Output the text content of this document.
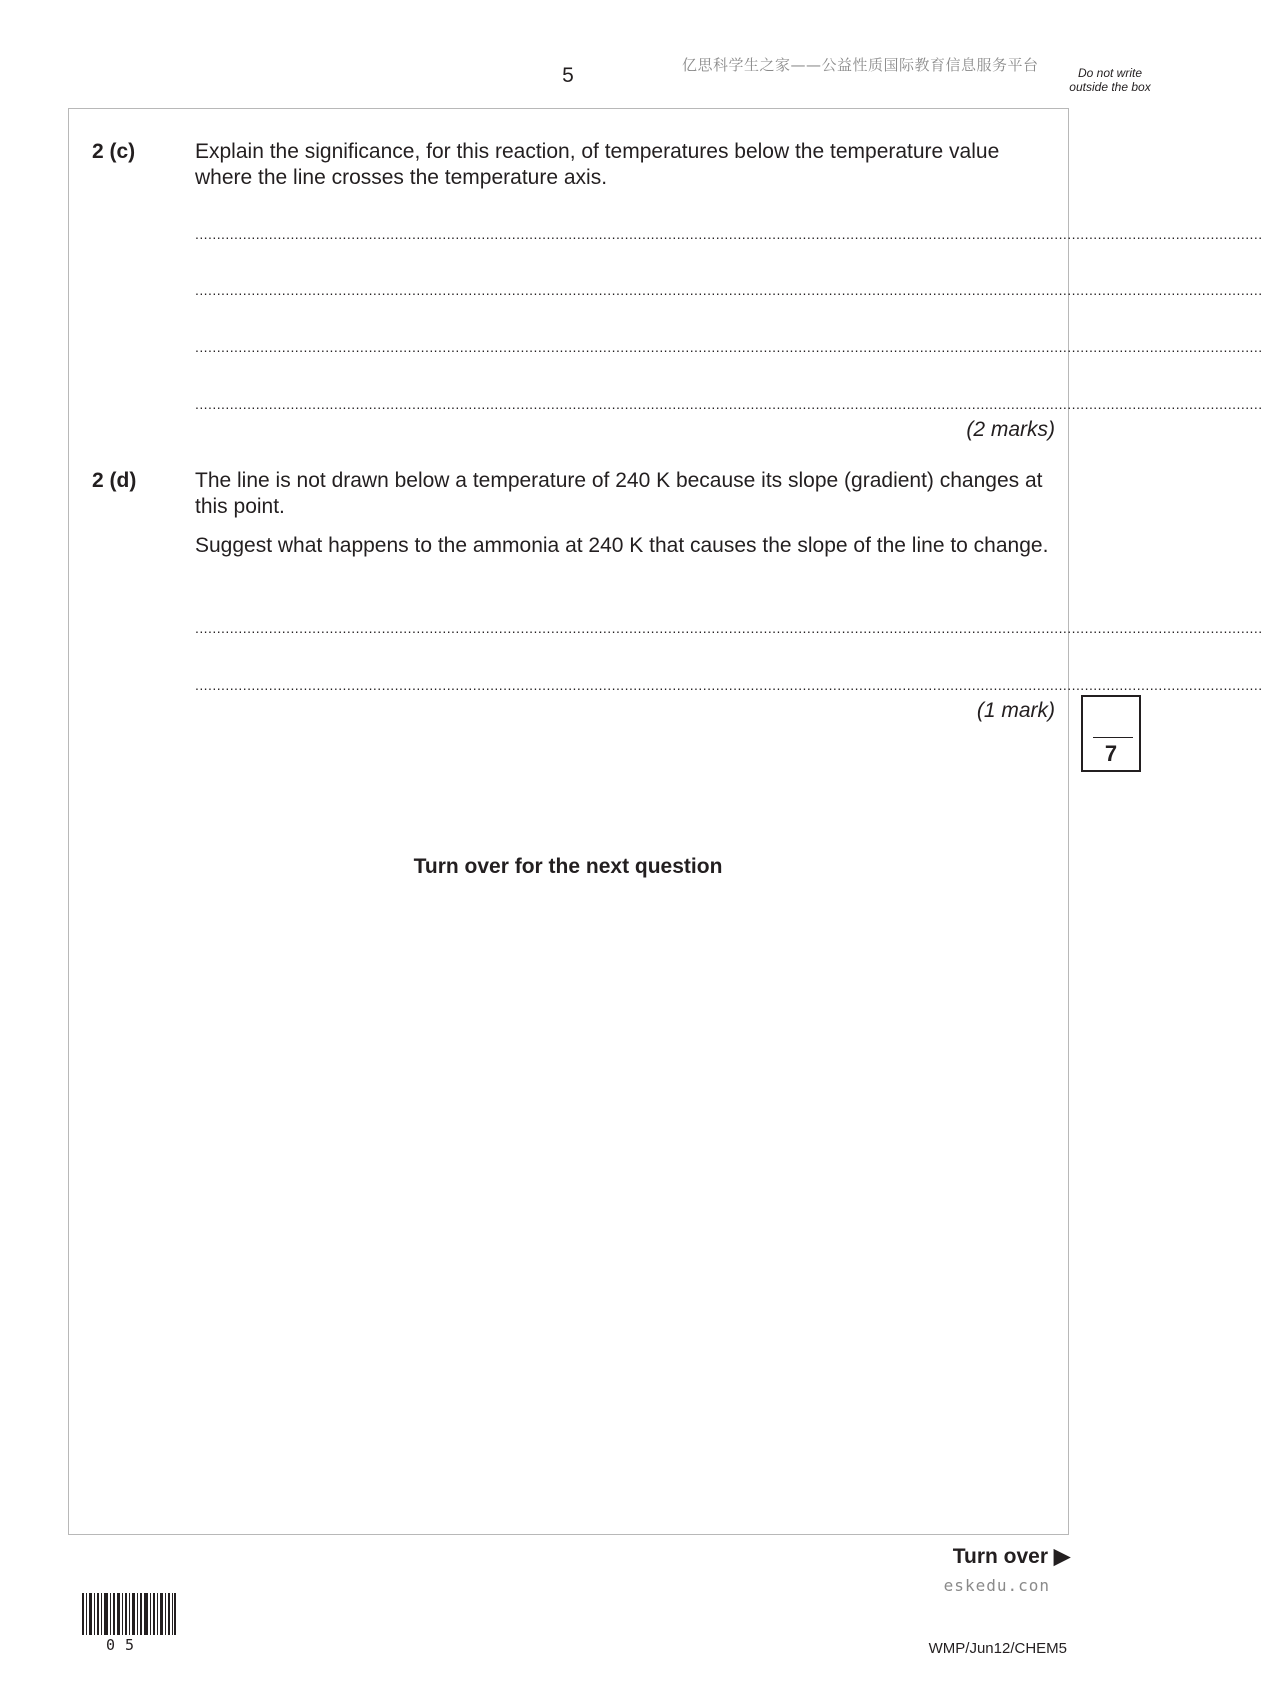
5	亿思科学生之家——公益性质国际教育信息服务平台	Do not write outside the box
2 (c)	Explain the significance, for this reaction, of temperatures below the temperature value where the line crosses the temperature axis.
......................................................................................................................................................................................................................................................
......................................................................................................................................................................................................................................................
......................................................................................................................................................................................................................................................
......................................................................................................................................................................................................................................................
(2 marks)
2 (d)	The line is not drawn below a temperature of 240 K because its slope (gradient) changes at this point.
Suggest what happens to the ammonia at 240 K that causes the slope of the line to change.
......................................................................................................................................................................................................................................................
......................................................................................................................................................................................................................................................
(1 mark)
7
Turn over for the next question
Turn over ▶
eskedu.con
05	WMP/Jun12/CHEM5
